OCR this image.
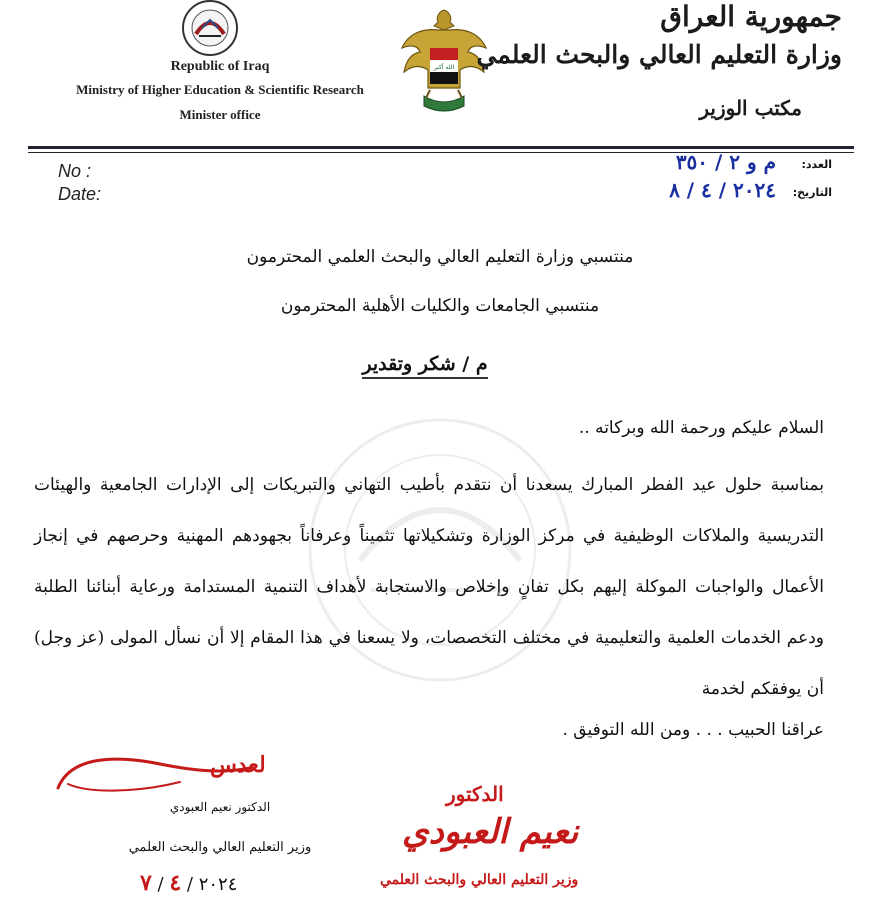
Republic of Iraq
Ministry of Higher Education & Scientific Research
Minister office
الله أكبر
جمهورية العراق
وزارة التعليم العالي والبحث العلمي
مكتب الوزير
No :
Date:
العدد:
م و ٢ / ٣٥٠
التاريخ:
٢٠٢٤ / ٤ / ٨
منتسبي وزارة التعليم العالي والبحث العلمي المحترمون
منتسبي الجامعات والكليات الأهلية المحترمون
م / شكر وتقدير
السلام عليكم ورحمة الله وبركاته ..
بمناسبة حلول عيد الفطر المبارك يسعدنا أن نتقدم بأطيب التهاني والتبريكات إلى الإدارات الجامعية والهيئات التدريسية والملاكات الوظيفية في مركز الوزارة وتشكيلاتها تثميناً وعرفاناً بجهودهم المهنية وحرصهم في إنجاز الأعمال والواجبات الموكلة إليهم بكل تفانٍ وإخلاص والاستجابة لأهداف التنمية المستدامة ورعاية أبنائنا الطلبة ودعم الخدمات العلمية والتعليمية في مختلف التخصصات، ولا يسعنا في هذا المقام إلا أن نسأل المولى (عز وجل) أن يوفقكم لخدمة
عراقنا الحبيب . . . ومن الله التوفيق .
لعدس
الدكتور نعيم العبودي
وزير التعليم العالي والبحث العلمي
٢٠٢٤ / ٤ / ٧
الدكتور
نعيم العبودي
وزير التعليم العالي والبحث العلمي
